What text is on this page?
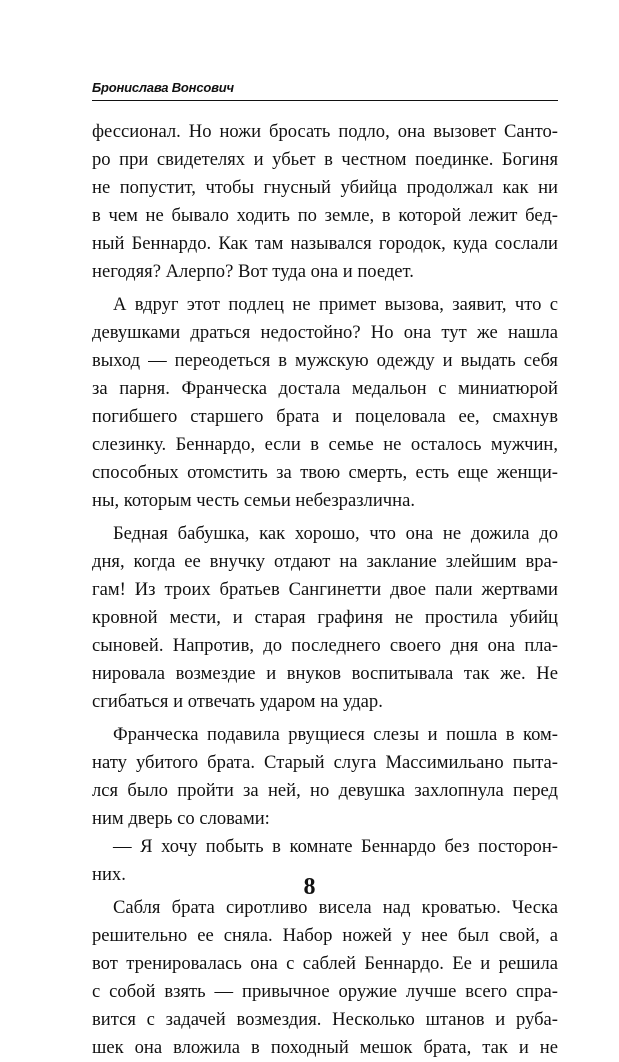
Бронислава Вонсович
фессионал. Но ножи бросать подло, она вызовет Санто-
ро при свидетелях и убьет в честном поединке. Богиня
не попустит, чтобы гнусный убийца продолжал как ни
в чем не бывало ходить по земле, в которой лежит бед-
ный Беннардо. Как там назывался городок, куда сослали
негодяя? Алерпо? Вот туда она и поедет.
А вдруг этот подлец не примет вызова, заявит, что с
девушками драться недостойно? Но она тут же нашла
выход — переодеться в мужскую одежду и выдать себя
за парня. Франческа достала медальон с миниатюрой
погибшего старшего брата и поцеловала ее, смахнув
слезинку. Беннардо, если в семье не осталось мужчин,
способных отомстить за твою смерть, есть еще женщи-
ны, которым честь семьи небезразлична.
Бедная бабушка, как хорошо, что она не дожила до
дня, когда ее внучку отдают на заклание злейшим вра-
гам! Из троих братьев Сангинетти двое пали жертвами
кровной мести, и старая графиня не простила убийц
сыновей. Напротив, до последнего своего дня она пла-
нировала возмездие и внуков воспитывала так же. Не
сгибаться и отвечать ударом на удар.
Франческа подавила рвущиеся слезы и пошла в ком-
нату убитого брата. Старый слуга Массимильано пыта-
лся было пройти за ней, но девушка захлопнула перед
ним дверь со словами:
— Я хочу побыть в комнате Беннардо без посторон-
них.
Сабля брата сиротливо висела над кроватью. Ческа
решительно ее сняла. Набор ножей у нее был свой, а
вот тренировалась она с саблей Беннардо. Ее и решила
с собой взять — привычное оружие лучше всего спра-
вится с задачей возмездия. Несколько штанов и руба-
шек она вложила в походный мешок брата, так и не
8
